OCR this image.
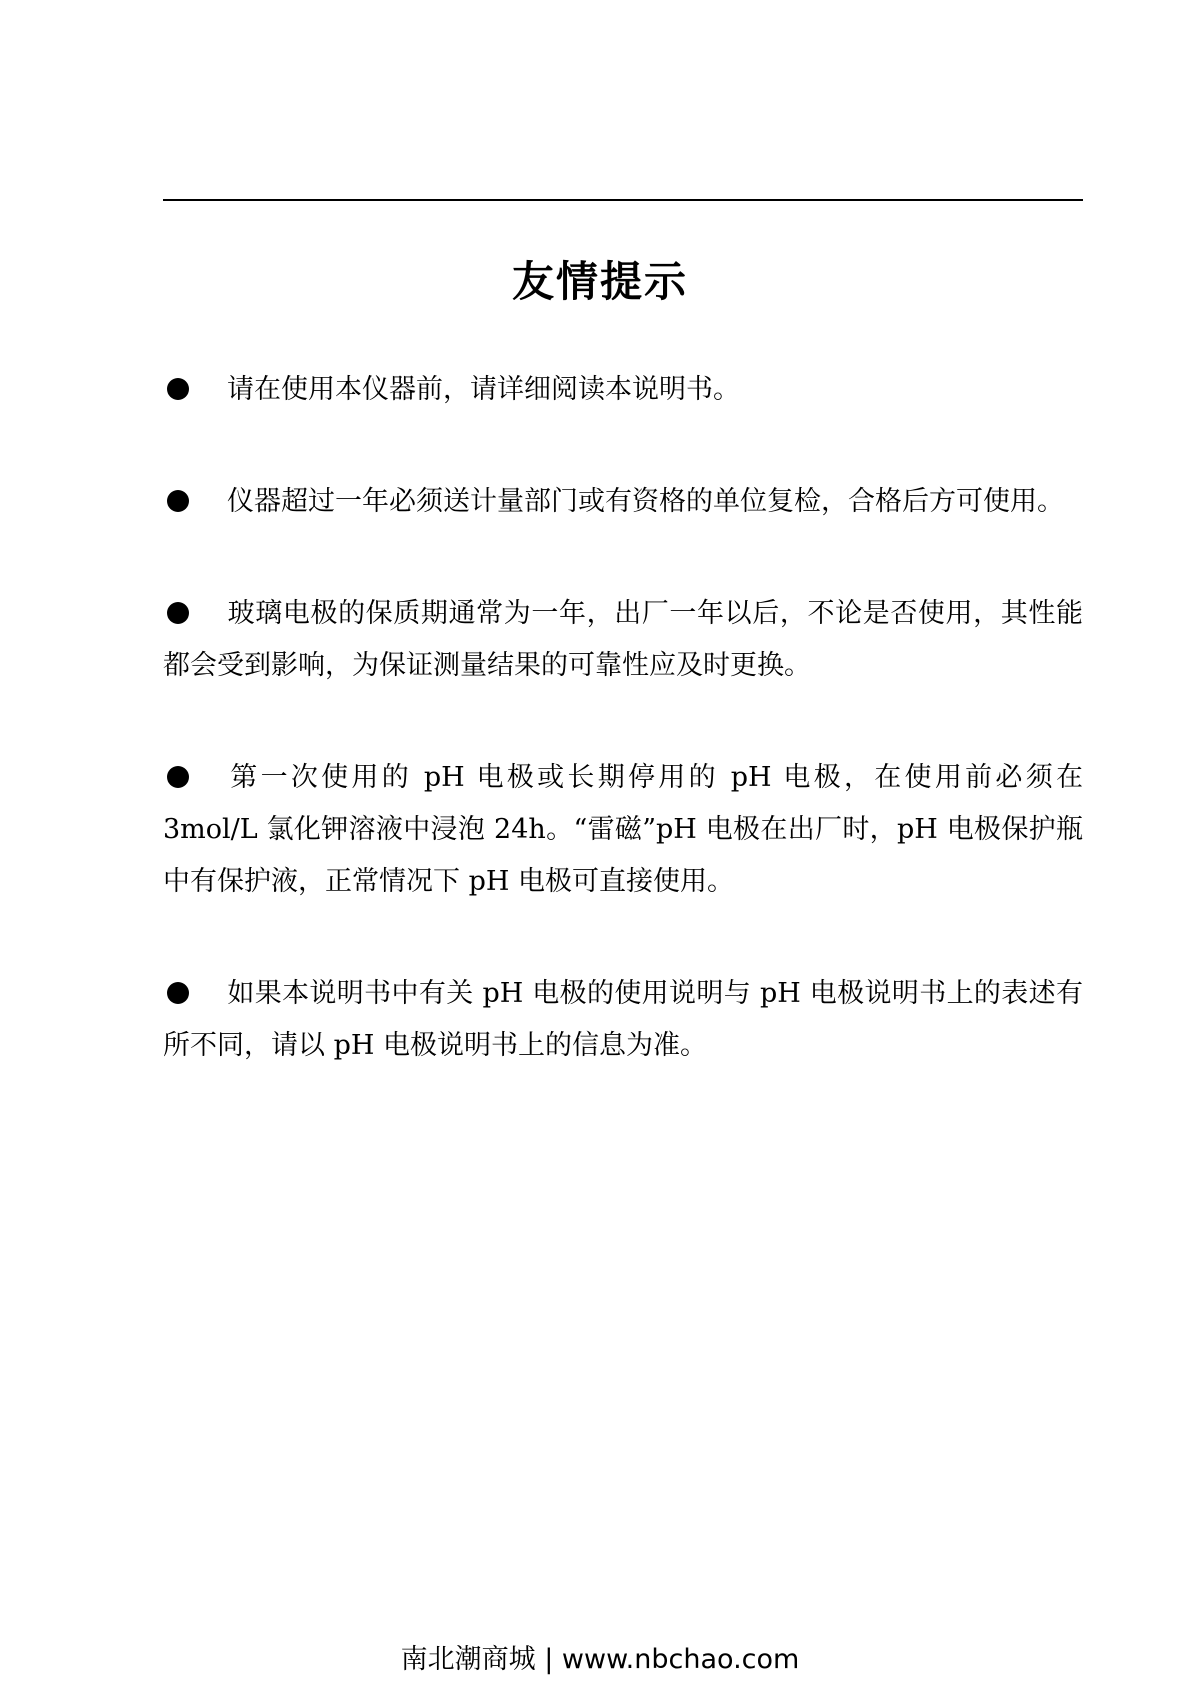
友情提示

请在使用本仪器前，请详细阅读本说明书。

仪器超过一年必须送计量部门或有资格的单位复检，合格后方可使用。

玻璃电极的保质期通常为一年，出厂一年以后，不论是否使用，其性能都会受到影响，为保证测量结果的可靠性应及时更换。

第一次使用的 pH 电极或长期停用的 pH 电极，在使用前必须在 3mol/L 氯化钾溶液中浸泡 24h。“雷磁”pH 电极在出厂时，pH 电极保护瓶中有保护液，正常情况下 pH 电极可直接使用。

如果本说明书中有关 pH 电极的使用说明与 pH 电极说明书上的表述有所不同，请以 pH 电极说明书上的信息为准。

南北潮商城 | www.nbchao.com
